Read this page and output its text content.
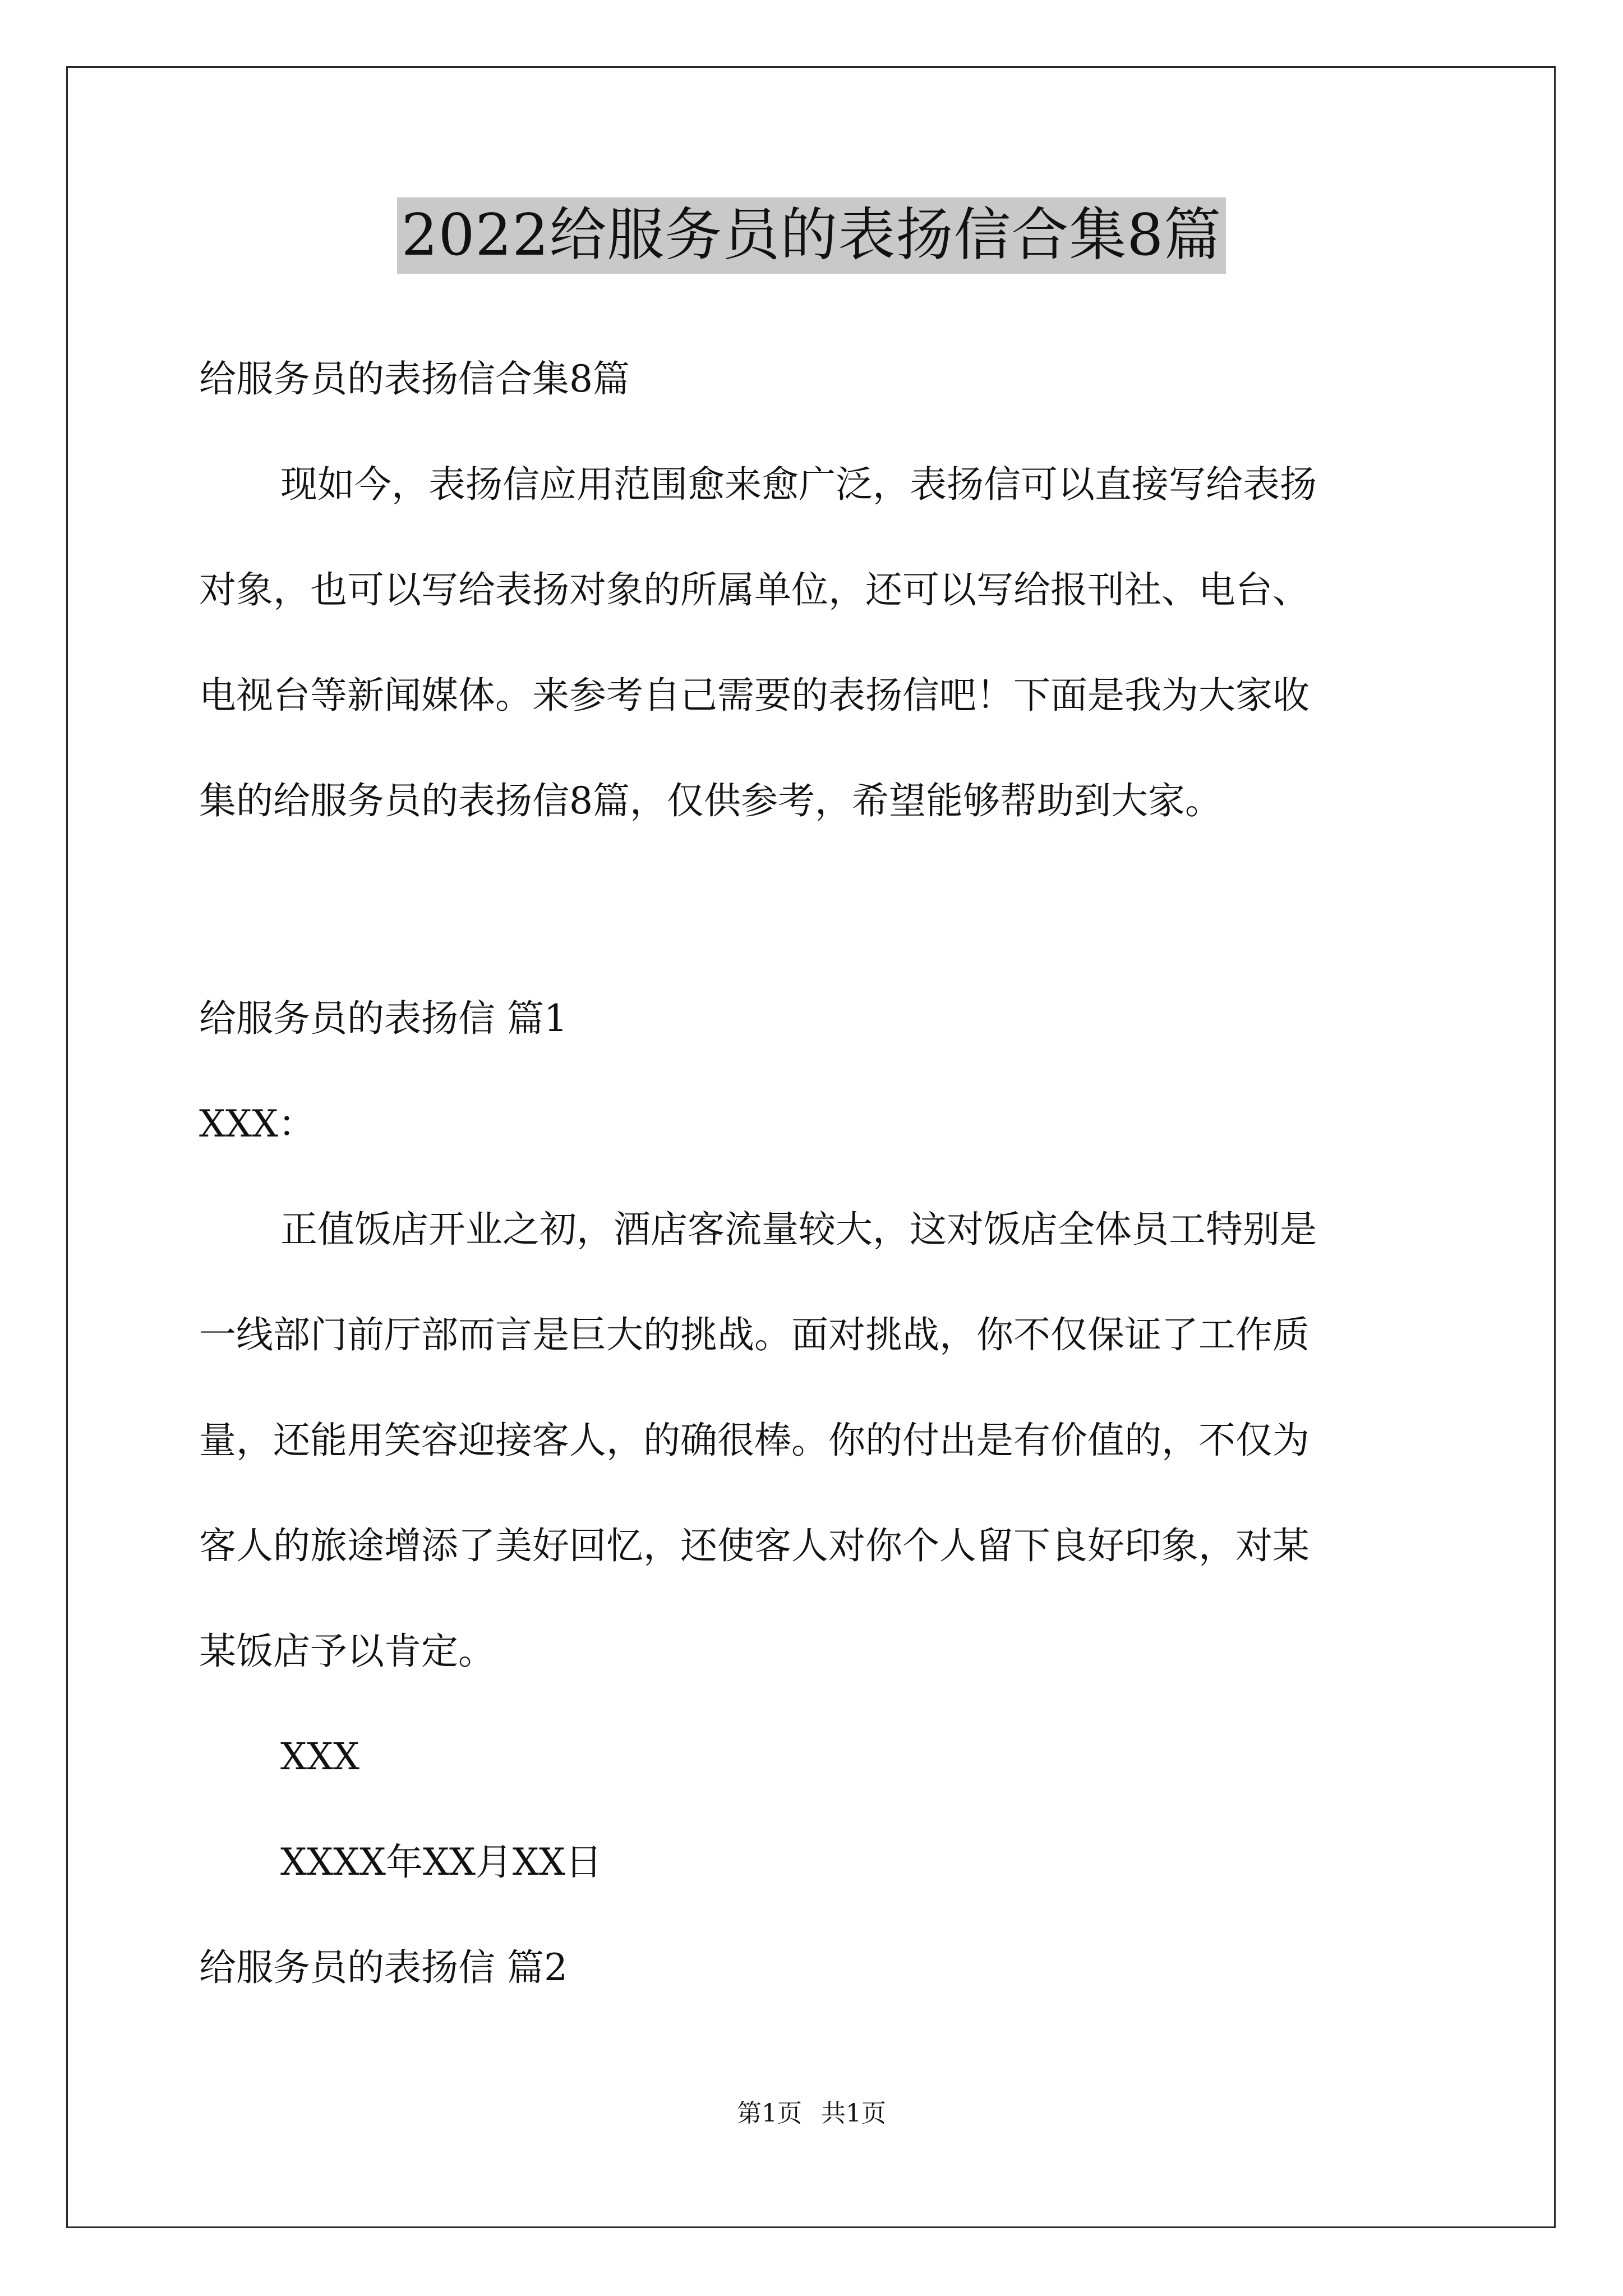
2022给服务员的表扬信合集8篇
给服务员的表扬信合集8篇
现如今，表扬信应用范围愈来愈广泛，表扬信可以直接写给表扬
对象，也可以写给表扬对象的所属单位，还可以写给报刊社、电台、
电视台等新闻媒体。来参考自己需要的表扬信吧！下面是我为大家收
集的给服务员的表扬信8篇，仅供参考，希望能够帮助到大家。
给服务员的表扬信 篇1
XXX：
正值饭店开业之初，酒店客流量较大，这对饭店全体员工特别是
一线部门前厅部而言是巨大的挑战。面对挑战，你不仅保证了工作质
量，还能用笑容迎接客人，的确很棒。你的付出是有价值的，不仅为
客人的旅途增添了美好回忆，还使客人对你个人留下良好印象，对某
某饭店予以肯定。
XXX
XXXX年XX月XX日
给服务员的表扬信 篇2
第1页 共1页
